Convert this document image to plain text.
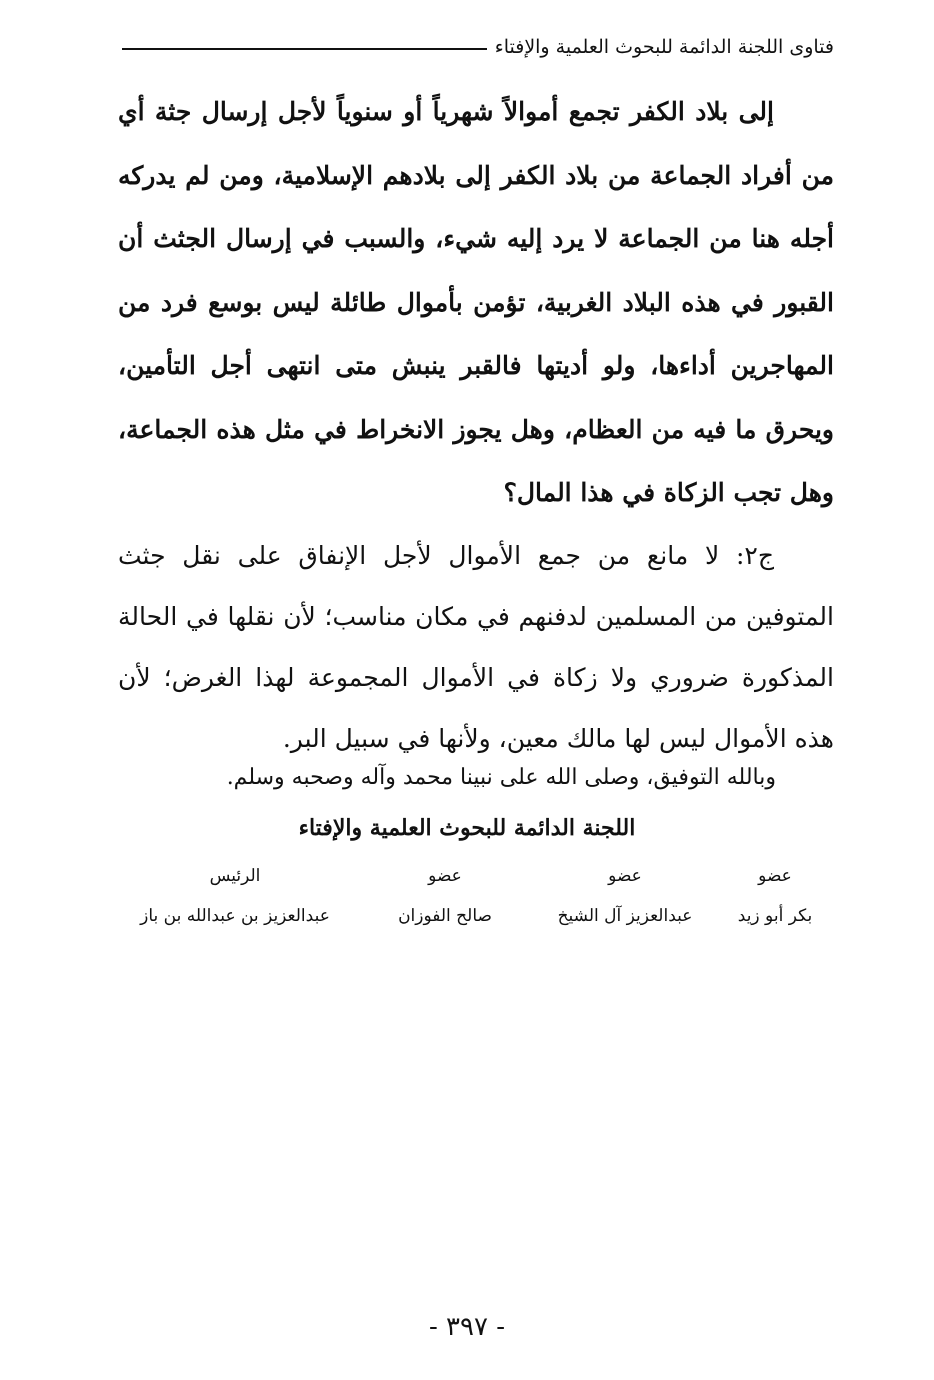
فتاوى اللجنة الدائمة للبحوث العلمية والإفتاء

إلى بلاد الكفر تجمع أموالاً شهرياً أو سنوياً لأجل إرسال جثة أي من أفراد الجماعة من بلاد الكفر إلى بلادهم الإسلامية، ومن لم يدركه أجله هنا من الجماعة لا يرد إليه شيء، والسبب في إرسال الجثث أن القبور في هذه البلاد الغربية، تؤمن بأموال طائلة ليس بوسع فرد من المهاجرين أداءها، ولو أديتها فالقبر ينبش متى انتهى أجل التأمين، ويحرق ما فيه من العظام، وهل يجوز الانخراط في مثل هذه الجماعة، وهل تجب الزكاة في هذا المال؟

ج٢: لا مانع من جمع الأموال لأجل الإنفاق على نقل جثث المتوفين من المسلمين لدفنهم في مكان مناسب؛ لأن نقلها في الحالة المذكورة ضروري ولا زكاة في الأموال المجموعة لهذا الغرض؛ لأن هذه الأموال ليس لها مالك معين، ولأنها في سبيل البر.

وبالله التوفيق، وصلى الله على نبينا محمد وآله وصحبه وسلم.
اللجنة الدائمة للبحوث العلمية والإفتاء
عضو
عضو
عضو
الرئيس
بكر أبو زيد
عبدالعزيز آل الشيخ
صالح الفوزان
عبدالعزيز بن عبدالله بن باز
- ٣٩٧ -
